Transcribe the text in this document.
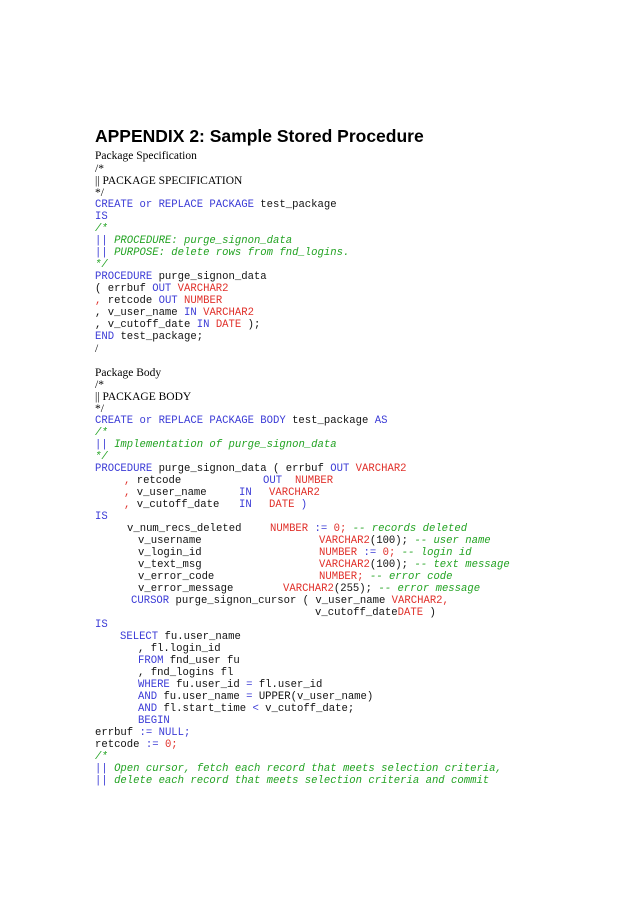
APPENDIX 2: Sample Stored Procedure
Package Specification
/*
|| PACKAGE SPECIFICATION
*/
CREATE or REPLACE PACKAGE test_package
IS
/*
|| PROCEDURE: purge_signon_data
|| PURPOSE: delete rows from fnd_logins.
*/
PROCEDURE purge_signon_data
( errbuf OUT VARCHAR2
, retcode OUT NUMBER
, v_user_name IN VARCHAR2
, v_cutoff_date IN DATE );
END test_package;
/
Package Body
/*
|| PACKAGE BODY
*/
CREATE or REPLACE PACKAGE BODY test_package AS
/*
|| Implementation of purge_signon_data
*/
PROCEDURE purge_signon_data ( errbuf OUT VARCHAR2
, retcode	OUT NUMBER
, v_user_name	IN VARCHAR2
, v_cutoff_date IN DATE )
IS
v_num_recs_deleted	NUMBER := 0; -- records deleted
v_username	VARCHAR2(100); -- user name
v_login_id	NUMBER := 0; -- login id
v_text_msg	VARCHAR2(100); -- text message
v_error_code	NUMBER; -- error code
v_error_message	VARCHAR2(255); -- error message
CURSOR purge_signon_cursor ( v_user_name VARCHAR2,
v_cutoff_dateDATE )
IS
SELECT fu.user_name
, fl.login_id
FROM fnd_user fu
, fnd_logins fl
WHERE fu.user_id = fl.user_id
AND fu.user_name = UPPER(v_user_name)
AND fl.start_time < v_cutoff_date;
BEGIN
errbuf := NULL;
retcode := 0;
/*
|| Open cursor, fetch each record that meets selection criteria,
|| delete each record that meets selection criteria and commit
